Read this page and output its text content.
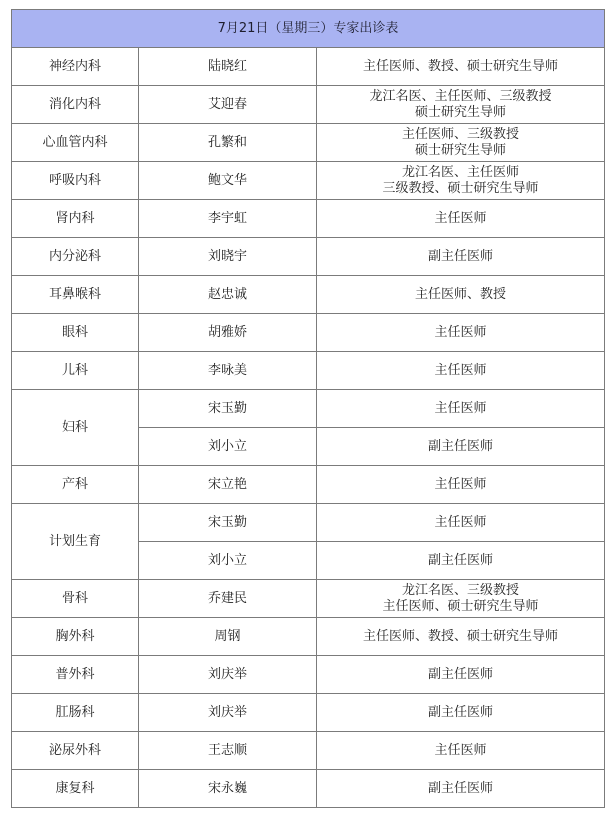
7月21日（星期三）专家出诊表		
神经内科	陆晓红	主任医师、教授、硕士研究生导师

消化内科	艾迎春	龙江名医、主任医师、三级教授
硕士研究生导师

心血管内科	孔繁和	主任医师、三级教授
硕士研究生导师

呼吸内科	鲍文华	龙江名医、主任医师
三级教授、硕士研究生导师

肾内科	李宇虹	主任医师

内分泌科	刘晓宇	副主任医师

耳鼻喉科	赵忠诚	主任医师、教授

眼科	胡雅娇	主任医师

儿科	李咏美	主任医师

妇科	宋玉勤	主任医师

	刘小立	副主任医师

产科	宋立艳	主任医师

计划生育	宋玉勤	主任医师

	刘小立	副主任医师

骨科	乔建民	龙江名医、三级教授
主任医师、硕士研究生导师

胸外科	周钢	主任医师、教授、硕士研究生导师

普外科	刘庆举	副主任医师

肛肠科	刘庆举	副主任医师

泌尿外科	王志顺	主任医师

康复科	宋永巍	副主任医师
